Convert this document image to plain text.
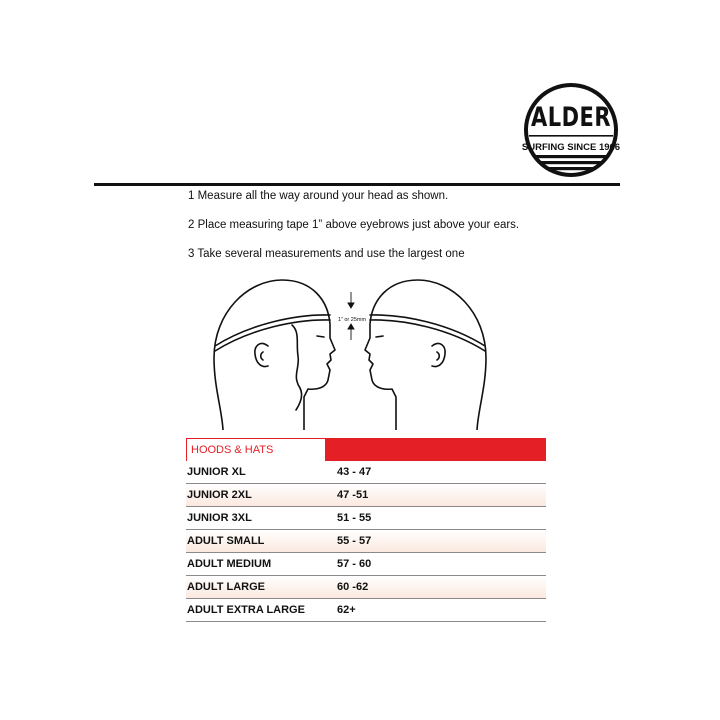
ALDER
SURFING SINCE 1966
1 Measure all the way around your head as shown.
2 Place measuring tape 1” above eyebrows just above your ears.
3 Take several measurements and use the largest one
1” or 25mm
HOODS & HATS
JUNIOR XL	43 - 47
JUNIOR 2XL	47 -51
JUNIOR 3XL	51 - 55
ADULT SMALL	55 - 57
ADULT MEDIUM	57 - 60
ADULT LARGE	60 -62
ADULT EXTRA LARGE	62+
